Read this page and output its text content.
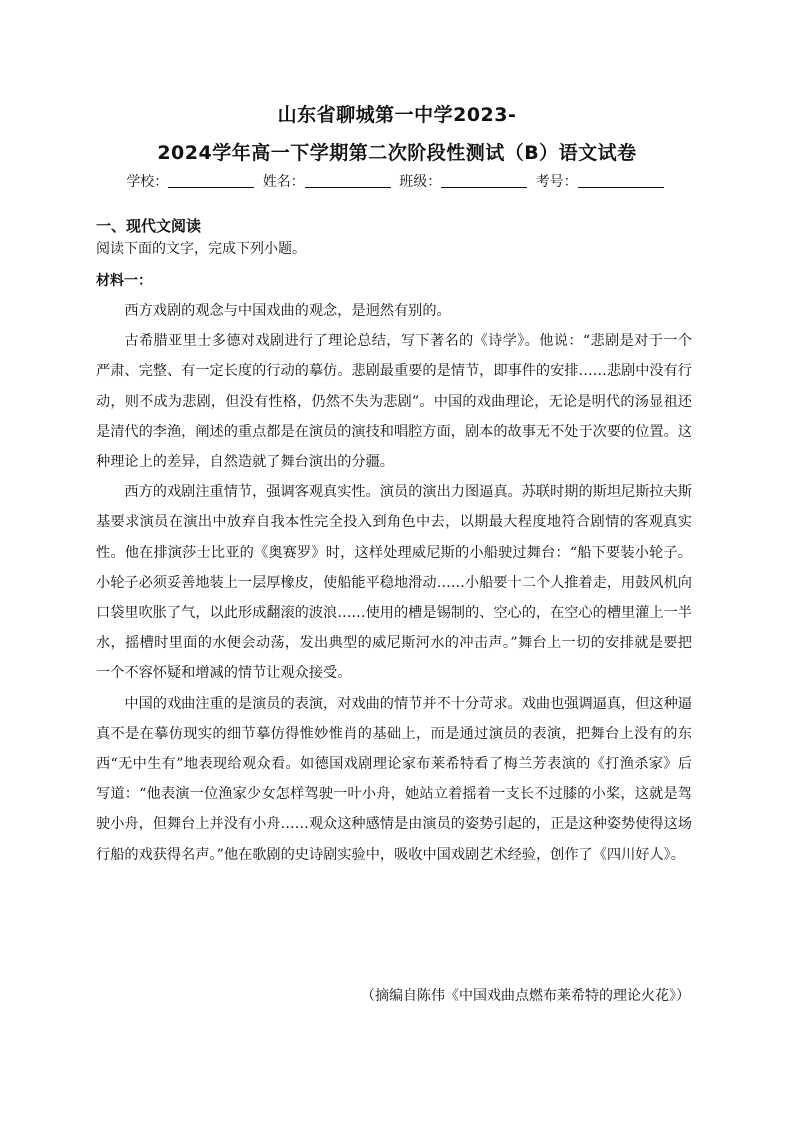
山东省聊城第一中学2023-
2024学年高一下学期第二次阶段性测试（B）语文试卷
学校：	姓名：	班级：	考号：
一、现代文阅读
阅读下面的文字，完成下列小题。
材料一：

西方戏剧的观念与中国戏曲的观念，是迥然有别的。

古希腊亚里士多德对戏剧进行了理论总结，写下著名的《诗学》。他说：“悲剧是对于一个严肃、完整、有一定长度的行动的摹仿。悲剧最重要的是情节，即事件的安排……悲剧中没有行动，则不成为悲剧，但没有性格，仍然不失为悲剧”。中国的戏曲理论，无论是明代的汤显祖还是清代的李渔，阐述的重点都是在演员的演技和唱腔方面，剧本的故事无不处于次要的位置。这种理论上的差异，自然造就了舞台演出的分疆。

西方的戏剧注重情节，强调客观真实性。演员的演出力图逼真。苏联时期的斯坦尼斯拉夫斯基要求演员在演出中放弃自我本性完全投入到角色中去，以期最大程度地符合剧情的客观真实性。他在排演莎士比亚的《奥赛罗》时，这样处理威尼斯的小船驶过舞台：“船下要装小轮子。小轮子必须妥善地装上一层厚橡皮，使船能平稳地滑动……小船要十二个人推着走，用鼓风机向口袋里吹胀了气，以此形成翻滚的波浪……使用的槽是锡制的、空心的，在空心的槽里灌上一半水，摇槽时里面的水便会动荡，发出典型的威尼斯河水的冲击声。”舞台上一切的安排就是要把一个不容怀疑和增减的情节让观众接受。

中国的戏曲注重的是演员的表演，对戏曲的情节并不十分苛求。戏曲也强调逼真，但这种逼真不是在摹仿现实的细节摹仿得惟妙惟肖的基础上，而是通过演员的表演，把舞台上没有的东西“无中生有”地表现给观众看。如德国戏剧理论家布莱希特看了梅兰芳表演的《打渔杀家》后写道：“他表演一位渔家少女怎样驾驶一叶小舟，她站立着摇着一支长不过膝的小桨，这就是驾驶小舟，但舞台上并没有小舟……观众这种感情是由演员的姿势引起的，正是这种姿势使得这场行船的戏获得名声。”他在歌剧的史诗剧实验中，吸收中国戏剧艺术经验，创作了《四川好人》。

（摘编自陈伟《中国戏曲点燃布莱希特的理论火花》）
